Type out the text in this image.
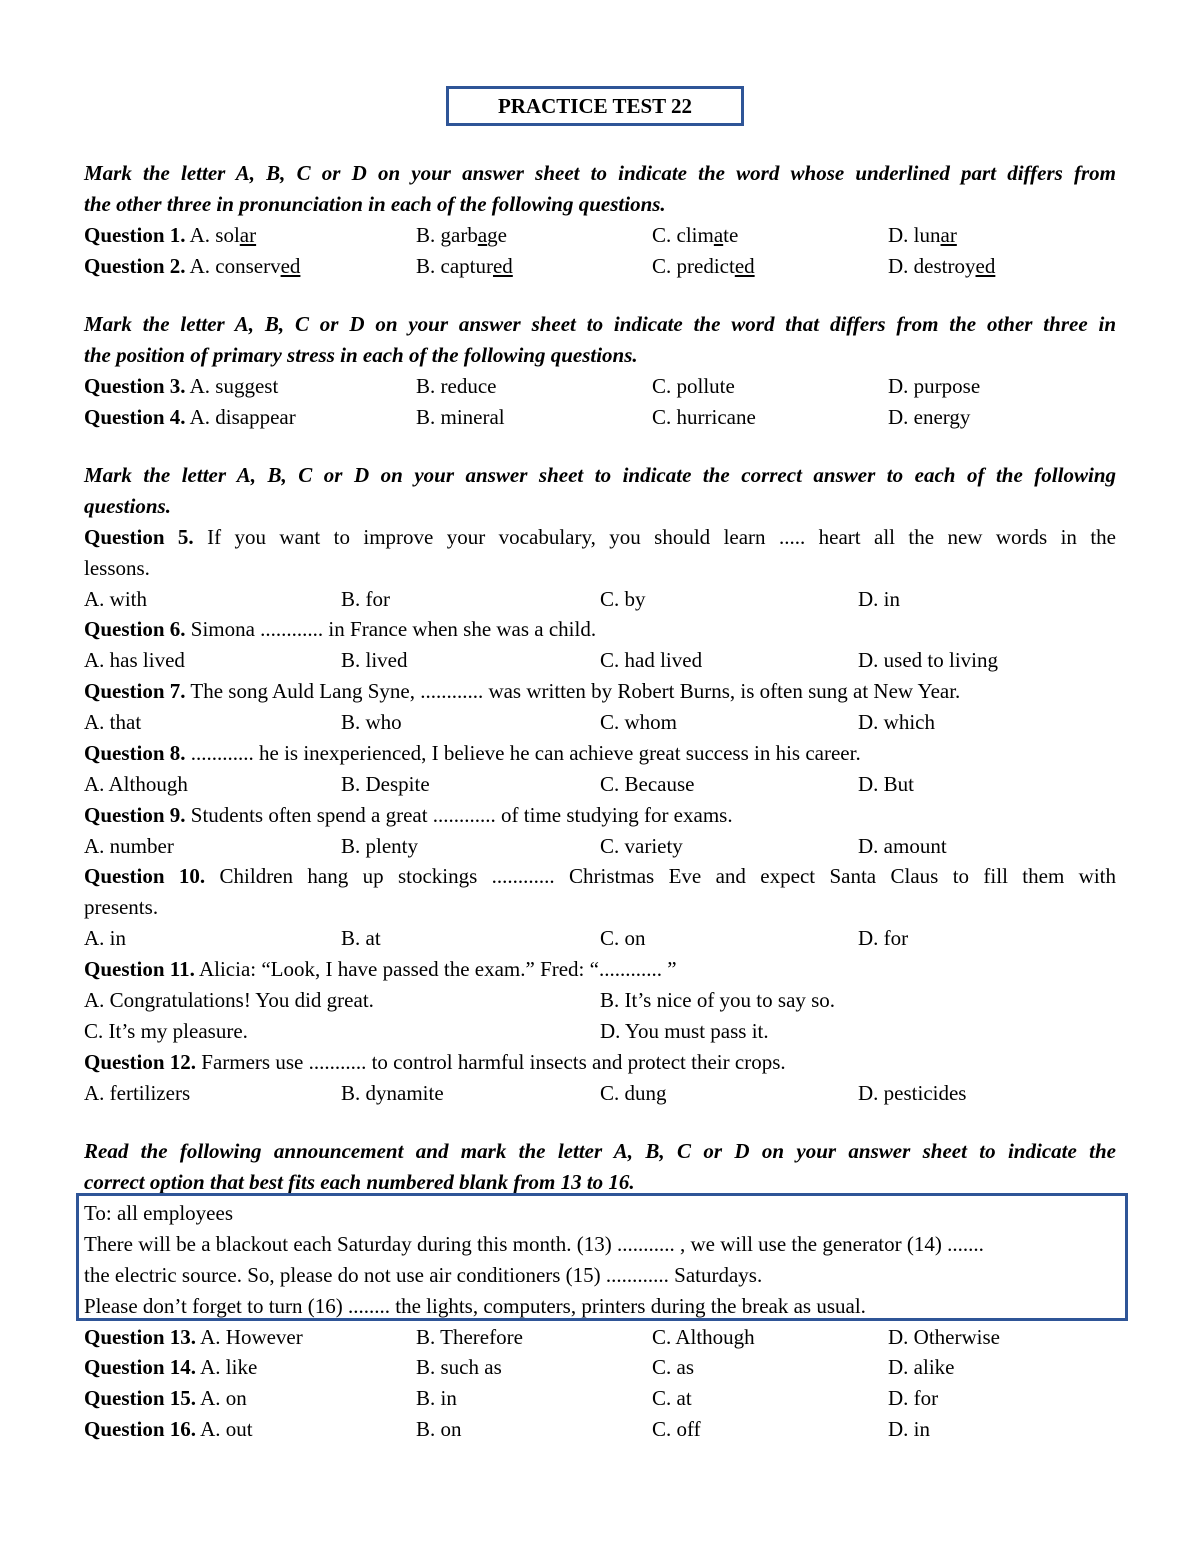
PRACTICE TEST 22
Mark the letter A, B, C or D on your answer sheet to indicate the word whose underlined part differs from
the other three in pronunciation in each of the following questions.
Question 1. A. solar	B. garbage	C. climate	D. lunar
Question 2. A. conserved	B. captured	C. predicted	D. destroyed
Mark the letter A, B, C or D on your answer sheet to indicate the word that differs from the other three in
the position of primary stress in each of the following questions.
Question 3. A. suggest	B. reduce	C. pollute	D. purpose
Question 4. A. disappear	B. mineral	C. hurricane	D. energy
Mark the letter A, B, C or D on your answer sheet to indicate the correct answer to each of the following
questions.
Question 5. If you want to improve your vocabulary, you should learn ..... heart all the new words in the
lessons.
A. with	B. for	C. by	D. in
Question 6. Simona ............ in France when she was a child.
A. has lived	B. lived	C. had lived	D. used to living
Question 7. The song Auld Lang Syne, ............ was written by Robert Burns, is often sung at New Year.
A. that	B. who	C. whom	D. which
Question 8. ............ he is inexperienced, I believe he can achieve great success in his career.
A. Although	B. Despite	C. Because	D. But
Question 9. Students often spend a great ............ of time studying for exams.
A. number	B. plenty	C. variety	D. amount
Question 10. Children hang up stockings ............ Christmas Eve and expect Santa Claus to fill them with
presents.
A. in	B. at	C. on	D. for
Question 11. Alicia: “Look, I have passed the exam.” Fred: “............ ”
A. Congratulations! You did great.	B. It’s nice of you to say so.
C. It’s my pleasure.	D. You must pass it.
Question 12. Farmers use ........... to control harmful insects and protect their crops.
A. fertilizers	B. dynamite	C. dung	D. pesticides
Read the following announcement and mark the letter A, B, C or D on your answer sheet to indicate the
correct option that best fits each numbered blank from 13 to 16.
To: all employees
There will be a blackout each Saturday during this month. (13) ........... , we will use the generator (14) .......
the electric source. So, please do not use air conditioners (15) ............ Saturdays.
Please don’t forget to turn (16) ........ the lights, computers, printers during the break as usual.
Question 13. A. However	B. Therefore	C. Although	D. Otherwise
Question 14. A. like	B. such as	C. as	D. alike
Question 15. A. on	B. in	C. at	D. for
Question 16. A. out	B. on	C. off	D. in
